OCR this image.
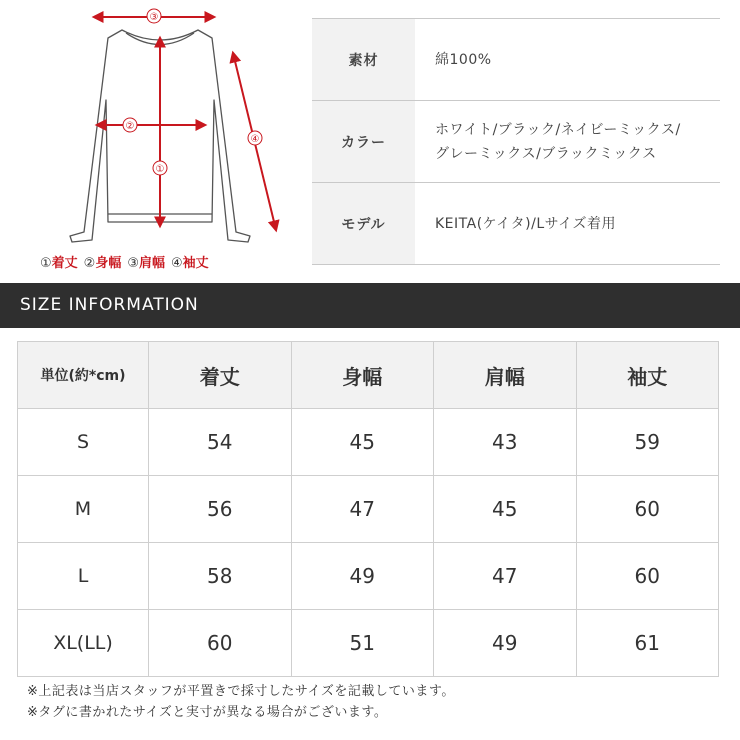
③
②
①
④
①着丈 ②身幅 ③肩幅 ④袖丈
素材	綿100%
カラー	ホワイト/ブラック/ネイビーミックス/
グレーミックス/ブラックミックス

モデル	KEITA(ケイタ)/Lサイズ着用
SIZE INFORMATION
単位(約*cm)	着丈	身幅	肩幅	袖丈
S	54	45	43	59
M	56	47	45	60
L	58	49	47	60
XL(LL)	60	51	49	61
※上記表は当店スタッフが平置きで採寸したサイズを記載しています。
※タグに書かれたサイズと実寸が異なる場合がございます。
